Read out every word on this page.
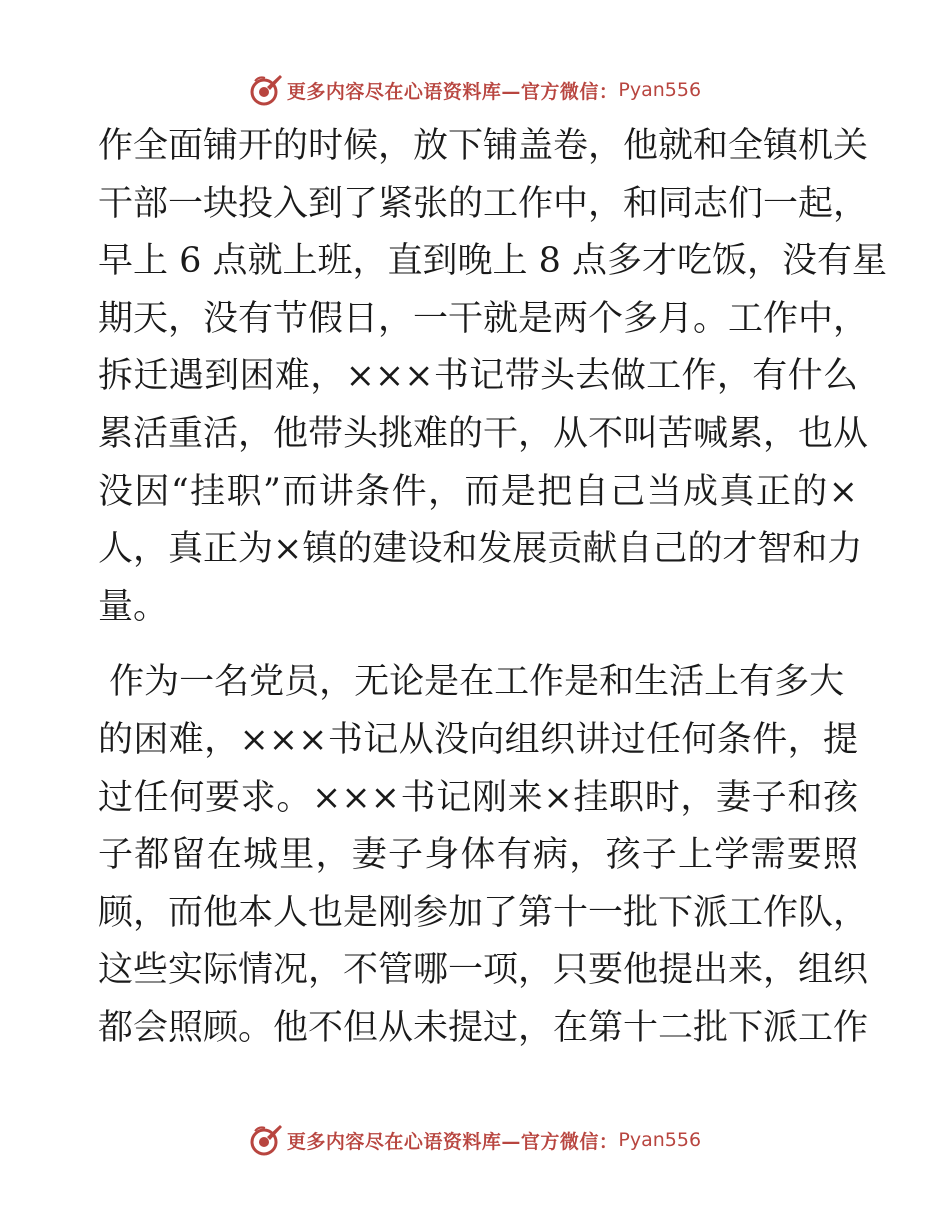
更多内容尽在心语资料库—官方微信： Pyan556
作全面铺开的时候，放下铺盖卷，他就和全镇机关
干部一块投入到了紧张的工作中，和同志们一起，
早上 6 点就上班，直到晚上 8 点多才吃饭，没有星
期天，没有节假日，一干就是两个多月。工作中，
拆迁遇到困难，×××书记带头去做工作，有什么
累活重活，他带头挑难的干，从不叫苦喊累，也从
没因“挂职”而讲条件，而是把自己当成真正的×
人，真正为×镇的建设和发展贡献自己的才智和力
量。
作为一名党员，无论是在工作是和生活上有多大
的困难，×××书记从没向组织讲过任何条件，提
过任何要求。×××书记刚来×挂职时，妻子和孩
子都留在城里，妻子身体有病，孩子上学需要照
顾，而他本人也是刚参加了第十一批下派工作队，
这些实际情况，不管哪一项，只要他提出来，组织
都会照顾。他不但从未提过，在第十二批下派工作
更多内容尽在心语资料库—官方微信： Pyan556
